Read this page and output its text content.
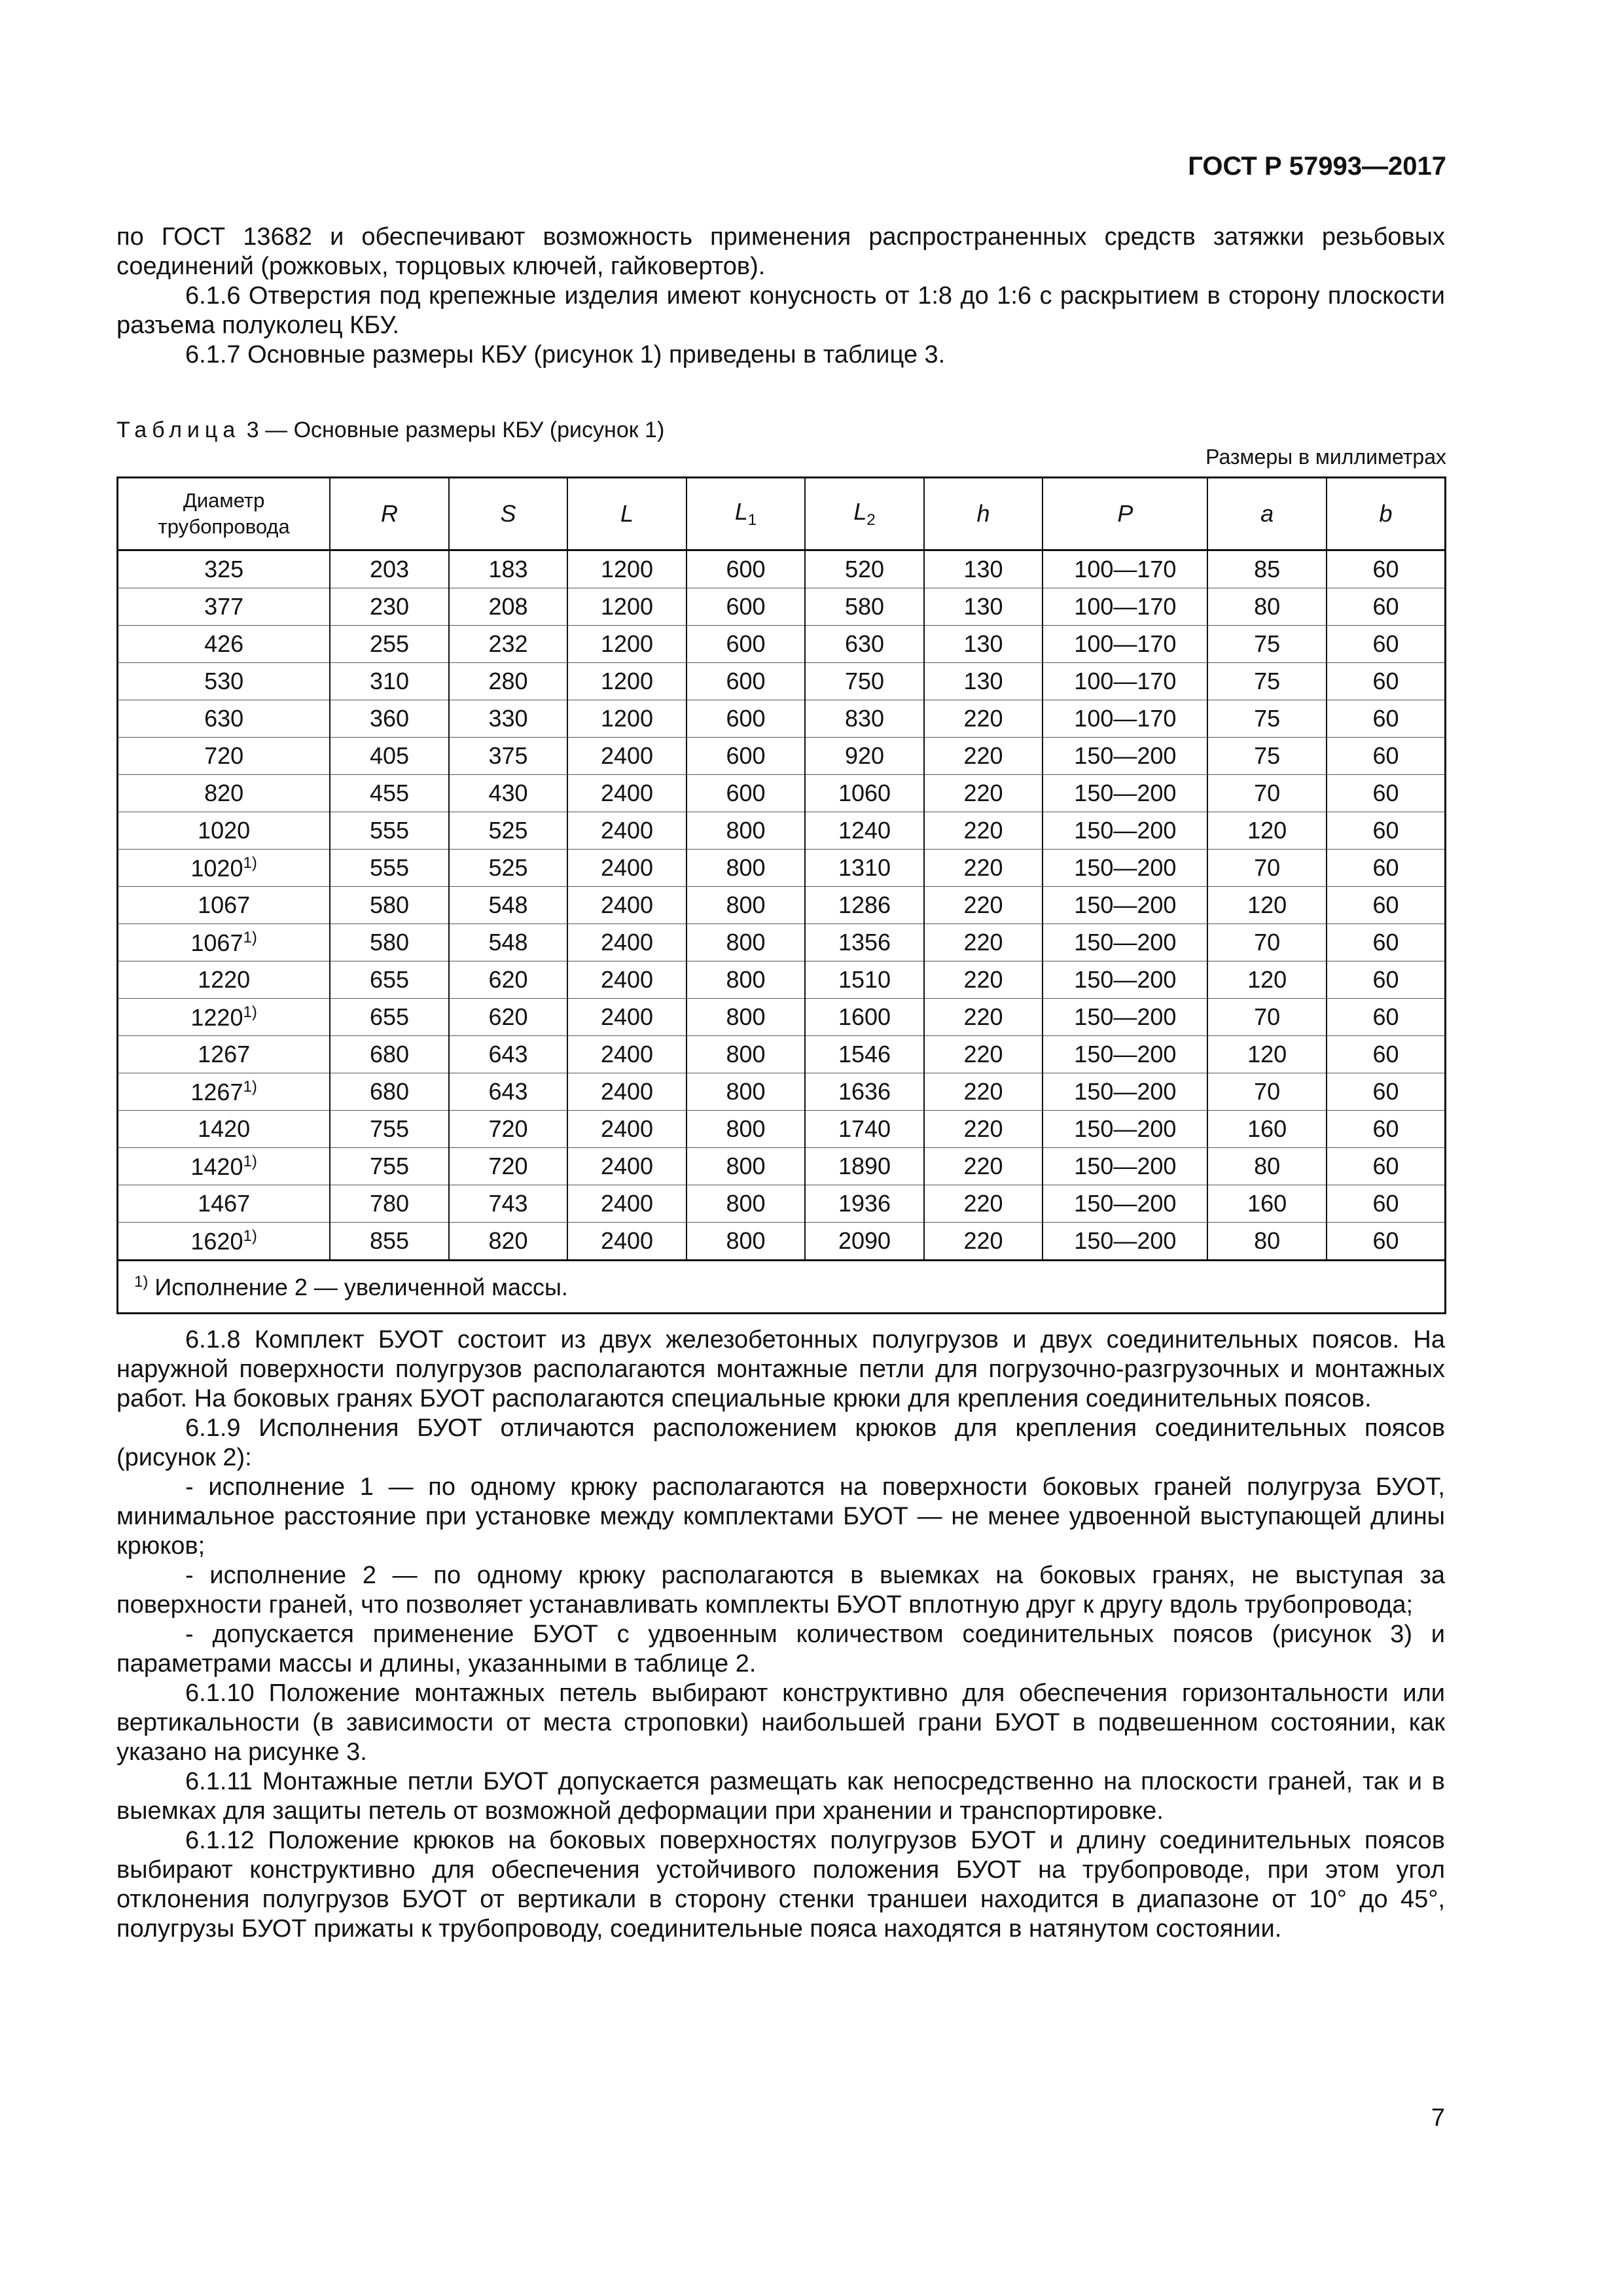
ГОСТ Р 57993—2017

по ГОСТ 13682 и обеспечивают возможность применения распространенных средств затяжки резьбовых соединений (рожковых, торцовых ключей, гайковертов).

6.1.6 Отверстия под крепежные изделия имеют конусность от 1:8 до 1:6 с раскрытием в сторону плоскости разъема полуколец КБУ.

6.1.7 Основные размеры КБУ (рисунок 1) приведены в таблице 3.

Таблица 3 — Основные размеры КБУ (рисунок 1)
Размеры в миллиметрах
Диаметр трубопровода	R	S	L	$L_1$	$L_2$	h	P	a	b
325	203	183	1200	600	520	130	100—170	85	60
377	230	208	1200	600	580	130	100—170	80	60
426	255	232	1200	600	630	130	100—170	75	60
530	310	280	1200	600	750	130	100—170	75	60
630	360	330	1200	600	830	220	100—170	75	60
720	405	375	2400	600	920	220	150—200	75	60
820	455	430	2400	600	1060	220	150—200	70	60
1020	555	525	2400	800	1240	220	150—200	120	60
1020$^{1)}$	555	525	2400	800	1310	220	150—200	70	60
1067	580	548	2400	800	1286	220	150—200	120	60
1067$^{1)}$	580	548	2400	800	1356	220	150—200	70	60
1220	655	620	2400	800	1510	220	150—200	120	60
1220$^{1)}$	655	620	2400	800	1600	220	150—200	70	60
1267	680	643	2400	800	1546	220	150—200	120	60
1267$^{1)}$	680	643	2400	800	1636	220	150—200	70	60
1420	755	720	2400	800	1740	220	150—200	160	60
1420$^{1)}$	755	720	2400	800	1890	220	150—200	80	60
1467	780	743	2400	800	1936	220	150—200	160	60
1620$^{1)}$	855	820	2400	800	2090	220	150—200	80	60
$^{1)}$ Исполнение 2 — увеличенной массы.									

6.1.8 Комплект БУОТ состоит из двух железобетонных полугрузов и двух соединительных поясов. На наружной поверхности полугрузов располагаются монтажные петли для погрузочно-разгрузочных и монтажных работ. На боковых гранях БУОТ располагаются специальные крюки для крепления соединительных поясов.

6.1.9 Исполнения БУОТ отличаются расположением крюков для крепления соединительных поясов (рисунок 2):

- исполнение 1 — по одному крюку располагаются на поверхности боковых граней полугруза БУОТ, минимальное расстояние при установке между комплектами БУОТ — не менее удвоенной выступающей длины крюков;

- исполнение 2 — по одному крюку располагаются в выемках на боковых гранях, не выступая за поверхности граней, что позволяет устанавливать комплекты БУОТ вплотную друг к другу вдоль трубопровода;

- допускается применение БУОТ с удвоенным количеством соединительных поясов (рисунок 3) и параметрами массы и длины, указанными в таблице 2.

6.1.10 Положение монтажных петель выбирают конструктивно для обеспечения горизонтальности или вертикальности (в зависимости от места строповки) наибольшей грани БУОТ в подвешенном состоянии, как указано на рисунке 3.

6.1.11 Монтажные петли БУОТ допускается размещать как непосредственно на плоскости граней, так и в выемках для защиты петель от возможной деформации при хранении и транспортировке.

6.1.12 Положение крюков на боковых поверхностях полугрузов БУОТ и длину соединительных поясов выбирают конструктивно для обеспечения устойчивого положения БУОТ на трубопроводе, при этом угол отклонения полугрузов БУОТ от вертикали в сторону стенки траншеи находится в диапазоне от 10° до 45°, полугрузы БУОТ прижаты к трубопроводу, соединительные пояса находятся в натянутом состоянии.

7
